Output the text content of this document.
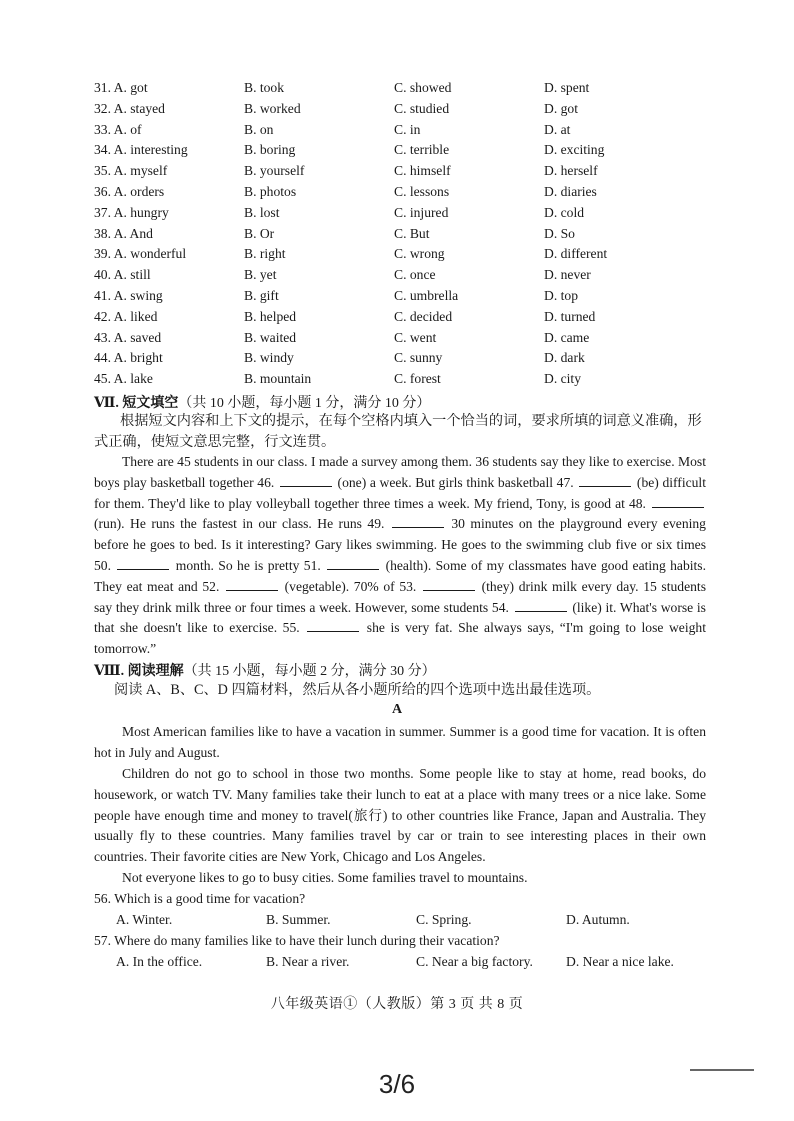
31. A. got	B. took	C. showed	D. spent
32. A. stayed	B. worked	C. studied	D. got
33. A. of	B. on	C. in	D. at
34. A. interesting	B. boring	C. terrible	D. exciting
35. A. myself	B. yourself	C. himself	D. herself
36. A. orders	B. photos	C. lessons	D. diaries
37. A. hungry	B. lost	C. injured	D. cold
38. A. And	B. Or	C. But	D. So
39. A. wonderful	B. right	C. wrong	D. different
40. A. still	B. yet	C. once	D. never
41. A. swing	B. gift	C. umbrella	D. top
42. A. liked	B. helped	C. decided	D. turned
43. A. saved	B. waited	C. went	D. came
44. A. bright	B. windy	C. sunny	D. dark
45. A. lake	B. mountain	C. forest	D. city
Ⅶ. 短文填空（共 10 小题，每小题 1 分，满分 10 分）
根据短文内容和上下文的提示，在每个空格内填入一个恰当的词，要求所填的词意义准确，形式正确，使短文意思完整，行文连贯。
There are 45 students in our class. I made a survey among them. 36 students say they like to exercise. Most boys play basketball together 46.	(one) a week. But girls think basketball 47.	(be) difficult for them. They'd like to play volleyball together three times a week. My friend, Tony, is good at 48.  (run). He runs the fastest in our class. He runs 49.	30 minutes on the playground every evening before he goes to bed. Is it interesting? Gary likes swimming. He goes to the swimming club five or six times 50.	month. So he is pretty 51.	(health). Some of my classmates have good eating habits. They eat meat and 52.	(vegetable). 70% of 53.	(they) drink milk every day. 15 students say they drink milk three or four times a week. However, some students 54.	(like) it. What's worse is that she doesn't like to exercise. 55.	she is very fat. She always says, “I'm going to lose weight tomorrow.”
Ⅷ. 阅读理解（共 15 小题，每小题 2 分，满分 30 分）
阅读 A、B、C、D 四篇材料，然后从各小题所给的四个选项中选出最佳选项。
A
Most American families like to have a vacation in summer. Summer is a good time for vacation. It is often hot in July and August.
Children do not go to school in those two months. Some people like to stay at home, read books, do housework, or watch TV. Many families take their lunch to eat at a place with many trees or a nice lake. Some people have enough time and money to travel(旅行) to other countries like France, Japan and Australia. They usually fly to these countries. Many families travel by car or train to see interesting places in their own countries. Their favorite cities are New York, Chicago and Los Angeles.
Not everyone likes to go to busy cities. Some families travel to mountains.
56. Which is a good time for vacation?
A. Winter.	B. Summer.	C. Spring.	D. Autumn.
57. Where do many families like to have their lunch during their vacation?
A. In the office.	B. Near a river.	C. Near a big factory.	D. Near a nice lake.
八年级英语①（人教版）第 3 页 共 8 页
3/6
